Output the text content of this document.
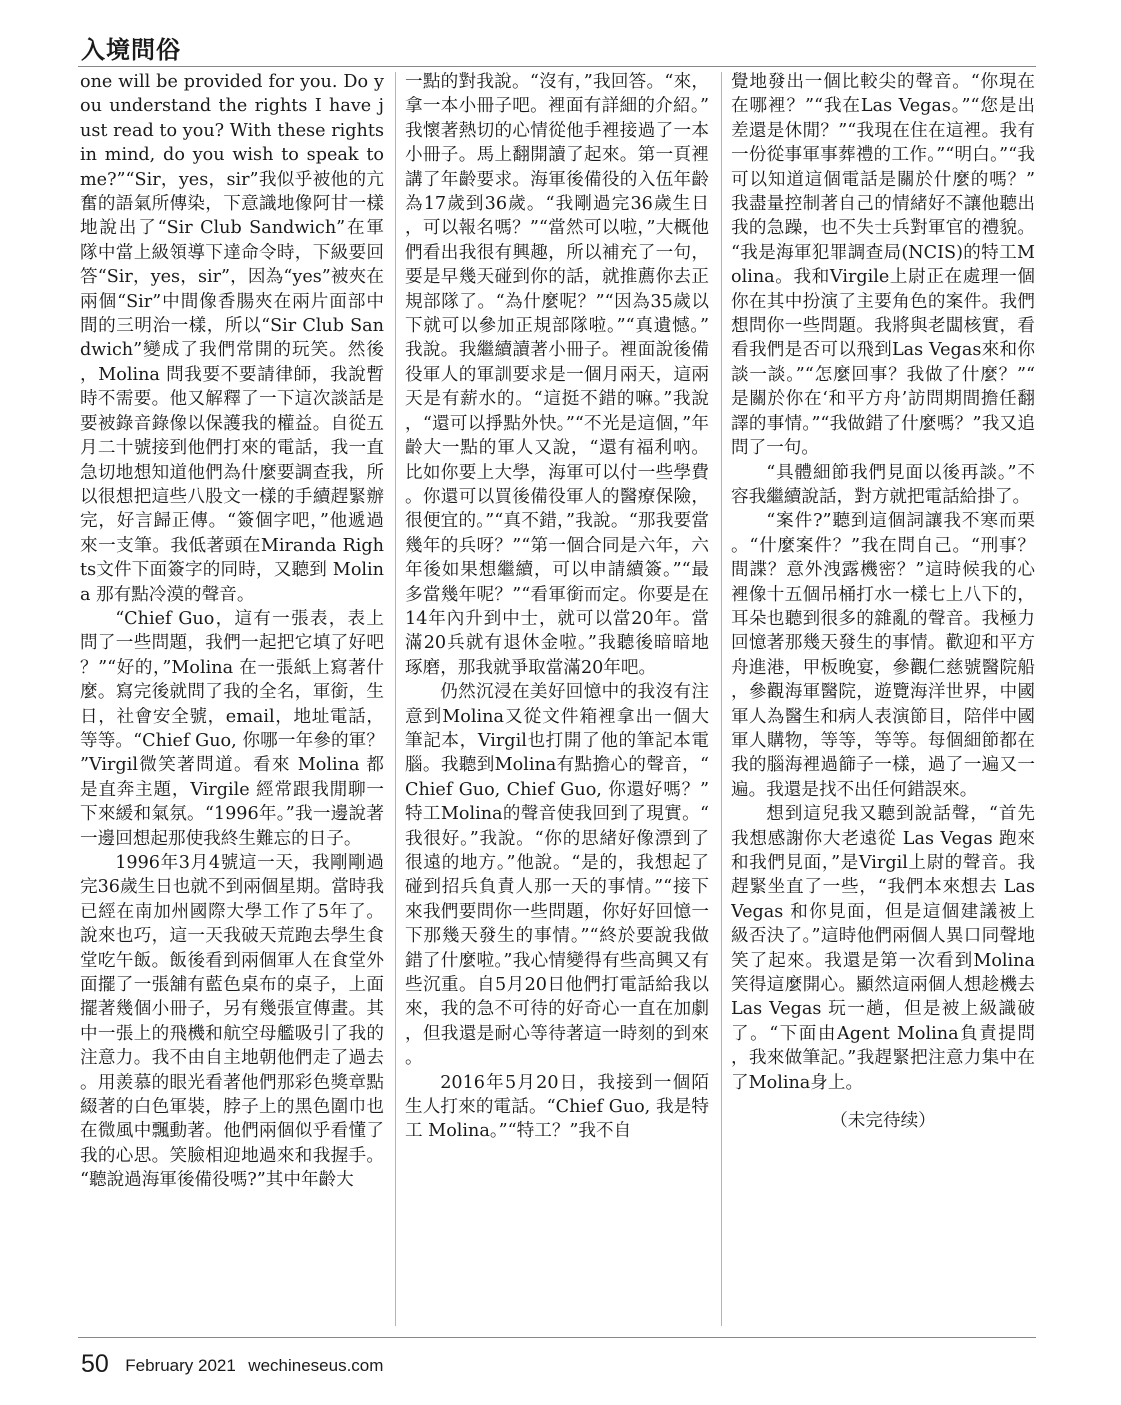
入境問俗

one will be provided for you. Do you understand the rights I have just read to you? With these rights in mind, do you wish to speak to me?”“Sir，yes，sir”我似乎被他的亢奮的語氣所傳染，下意識地像阿甘一樣地說出了“Sir Club Sandwich”在軍隊中當上級領導下達命令時，下級要回答“Sir，yes，sir”，因為“yes”被夾在兩個“Sir”中間像香腸夾在兩片面部中間的三明治一樣，所以“Sir Club Sandwich”變成了我們常開的玩笑。然後，Molina 問我要不要請律師，我說暫時不需要。他又解釋了一下這次談話是要被錄音錄像以保護我的權益。自從五月二十號接到他們打來的電話，我一直急切地想知道他們為什麼要調查我，所以很想把這些八股文一樣的手續趕緊辦完，好言歸正傳。“簽個字吧，”他遞過來一支筆。我低著頭在Miranda Rights文件下面簽字的同時，又聽到 Molina 那有點冷漠的聲音。

“Chief Guo，這有一張表，表上問了一些問題，我們一起把它填了好吧？”“好的，”Molina 在一張紙上寫著什麼。寫完後就問了我的全名，軍銜，生日，社會安全號，email，地址電話，等等。“Chief Guo, 你哪一年參的軍？”Virgil微笑著問道。看來 Molina 都是直奔主題，Virgile 經常跟我閒聊一下來緩和氣氛。“1996年。”我一邊說著一邊回想起那使我終生難忘的日子。

1996年3月4號這一天，我剛剛過完36歲生日也就不到兩個星期。當時我已經在南加州國際大學工作了5年了。說來也巧，這一天我破天荒跑去學生食堂吃午飯。飯後看到兩個軍人在食堂外面擺了一張舖有藍色桌布的桌子，上面擺著幾個小冊子，另有幾張宣傳畫。其中一張上的飛機和航空母艦吸引了我的注意力。我不由自主地朝他們走了過去。用羨慕的眼光看著他們那彩色獎章點綴著的白色軍裝，脖子上的黑色圍巾也在微風中飄動著。他們兩個似乎看懂了我的心思。笑臉相迎地過來和我握手。“聽說過海軍後備役嗎?”其中年齡大

一點的對我說。“沒有，”我回答。“來，拿一本小冊子吧。裡面有詳細的介紹。”我懷著熱切的心情從他手裡接過了一本小冊子。馬上翻開讀了起來。第一頁裡講了年齡要求。海軍後備役的入伍年齡為17歲到36歲。“我剛過完36歲生日，可以報名嗎？”“當然可以啦，”大概他們看出我很有興趣，所以補充了一句，要是早幾天碰到你的話，就推薦你去正規部隊了。“為什麼呢？”“因為35歲以下就可以參加正規部隊啦。”“真遺憾。”我說。我繼續讀著小冊子。裡面說後備役軍人的軍訓要求是一個月兩天，這兩天是有薪水的。“這挺不錯的嘛。”我說，“還可以掙點外快。”“不光是這個，”年齡大一點的軍人又說，“還有福利吶。比如你要上大學，海軍可以付一些學費。你還可以買後備役軍人的醫療保險，很便宜的。”“真不錯，”我說。“那我要當幾年的兵呀？”“第一個合同是六年，六年後如果想繼續，可以申請續簽。”“最多當幾年呢？”“看軍銜而定。你要是在14年內升到中士，就可以當20年。當滿20兵就有退休金啦。”我聽後暗暗地琢磨，那我就爭取當滿20年吧。

仍然沉浸在美好回憶中的我沒有注意到Molina又從文件箱裡拿出一個大筆記本，Virgil也打開了他的筆記本電腦。我聽到Molina有點擔心的聲音，“Chief Guo, Chief Guo, 你還好嗎？”特工Molina的聲音使我回到了現實。“我很好。”我說。“你的思緒好像漂到了很遠的地方。”他說。“是的，我想起了碰到招兵負責人那一天的事情。”“接下來我們要問你一些問題，你好好回憶一下那幾天發生的事情。”“終於要說我做錯了什麼啦。”我心情變得有些高興又有些沉重。自5月20日他們打電話給我以來，我的急不可待的好奇心一直在加劇，但我還是耐心等待著這一時刻的到來。

2016年5月20日，我接到一個陌生人打來的電話。“Chief Guo, 我是特工 Molina。”“特工？”我不自

覺地發出一個比較尖的聲音。“你現在在哪裡？”“我在Las Vegas。”“您是出差還是休閒？”“我現在住在這裡。我有一份從事軍事葬禮的工作。”“明白。”“我可以知道這個電話是關於什麼的嗎？”我盡量控制著自己的情緒好不讓他聽出我的急躁，也不失士兵對軍官的禮貌。“我是海軍犯罪調查局(NCIS)的特工Molina。我和Virgile上尉正在處理一個你在其中扮演了主要角色的案件。我們想問你一些問題。我將與老闆核實，看看我們是否可以飛到Las Vegas來和你談一談。”“怎麼回事？我做了什麼？”“是關於你在‘和平方舟’訪問期間擔任翻譯的事情。”“我做錯了什麼嗎？”我又追問了一句。

“具體細節我們見面以後再談。”不容我繼續說話，對方就把電話給掛了。

“案件?”聽到這個詞讓我不寒而栗。“什麼案件？”我在問自己。“刑事？間諜？意外洩露機密？”這時候我的心裡像十五個吊桶打水一樣七上八下的，耳朵也聽到很多的雜亂的聲音。我極力回憶著那幾天發生的事情。歡迎和平方舟進港，甲板晚宴，參觀仁慈號醫院船，參觀海軍醫院，遊覽海洋世界，中國軍人為醫生和病人表演節目，陪伴中國軍人購物，等等，等等。每個細節都在我的腦海裡過篩子一樣，過了一遍又一遍。我還是找不出任何錯誤來。

想到這兒我又聽到說話聲，“首先我想感謝你大老遠從 Las Vegas 跑來和我們見面，”是Virgil上尉的聲音。我趕緊坐直了一些，“我們本來想去 Las Vegas 和你見面，但是這個建議被上級否決了。”這時他們兩個人異口同聲地笑了起來。我還是第一次看到Molina笑得這麼開心。顯然這兩個人想趁機去 Las Vegas 玩一趟，但是被上級識破了。“下面由Agent Molina負責提問，我來做筆記。”我趕緊把注意力集中在了Molina身上。

（未完待续）

50 February 2021 wechineseus.com
